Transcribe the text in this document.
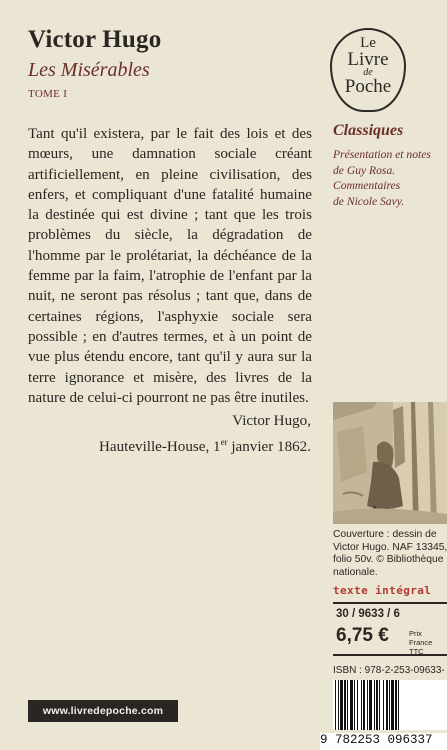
Victor Hugo
Les Misérables
TOME I
Le
Livre
de
Poche

Tant qu'il existera, par le fait des lois et des mœurs, une damnation sociale créant artificiellement, en pleine civilisation, des enfers, et compliquant d'une fatalité humaine la destinée qui est divine ; tant que les trois problèmes du siècle, la dégradation de l'homme par le prolétariat, la déchéance de la femme par la faim, l'atrophie de l'enfant par la nuit, ne seront pas résolus ; tant que, dans de certaines régions, l'asphyxie sociale sera possible ; en d'autres termes, et à un point de vue plus étendu encore, tant qu'il y aura sur la terre ignorance et misère, des livres de la nature de celui-ci pourront ne pas être inutiles.

Victor Hugo,
Hauteville-House, 1er janvier 1862.
Classiques
Présentation et notes
de Guy Rosa.
Commentaires
de Nicole Savy.
Couverture : dessin de
Victor Hugo. NAF 13345,
folio 50v. © Bibliothèque
nationale.
texte intégral
30 / 9633 / 6
6,75 €	Prix
France TTC
ISBN : 978-2-253-09633-
9 782253 096337
www.livredepoche.com
